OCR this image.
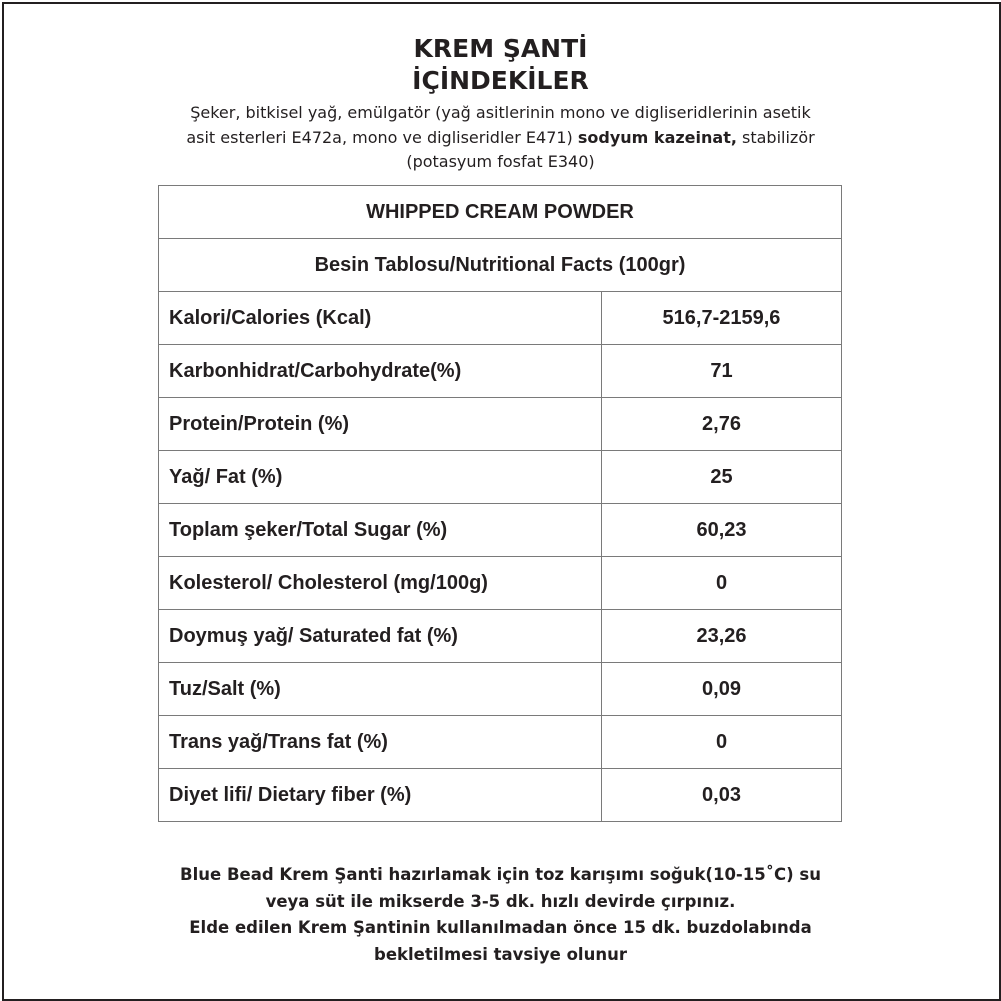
KREM ŞANTİ
İÇİNDEKİLER
Şeker, bitkisel yağ, emülgatör (yağ asitlerinin mono ve digliseridlerinin asetik
asit esterleri E472a, mono ve digliseridler E471) sodyum kazeinat, stabilizör
(potasyum fosfat E340)
WHIPPED CREAM POWDER	
Besin Tablosu/Nutritional Facts (100gr)	
Kalori/Calories (Kcal)	516,7-2159,6
Karbonhidrat/Carbohydrate(%)	71
Protein/Protein (%)	2,76
Yağ/ Fat (%)	25
Toplam şeker/Total Sugar (%)	60,23
Kolesterol/ Cholesterol (mg/100g)	0
Doymuş yağ/ Saturated fat (%)	23,26
Tuz/Salt (%)	0,09
Trans yağ/Trans fat (%)	0
Diyet lifi/ Dietary fiber (%)	0,03
Blue Bead Krem Şanti hazırlamak için toz karışımı soğuk(10-15˚C) su
veya süt ile mikserde 3-5 dk. hızlı devirde çırpınız.
Elde edilen Krem Şantinin kullanılmadan önce 15 dk. buzdolabında
bekletilmesi tavsiye olunur
